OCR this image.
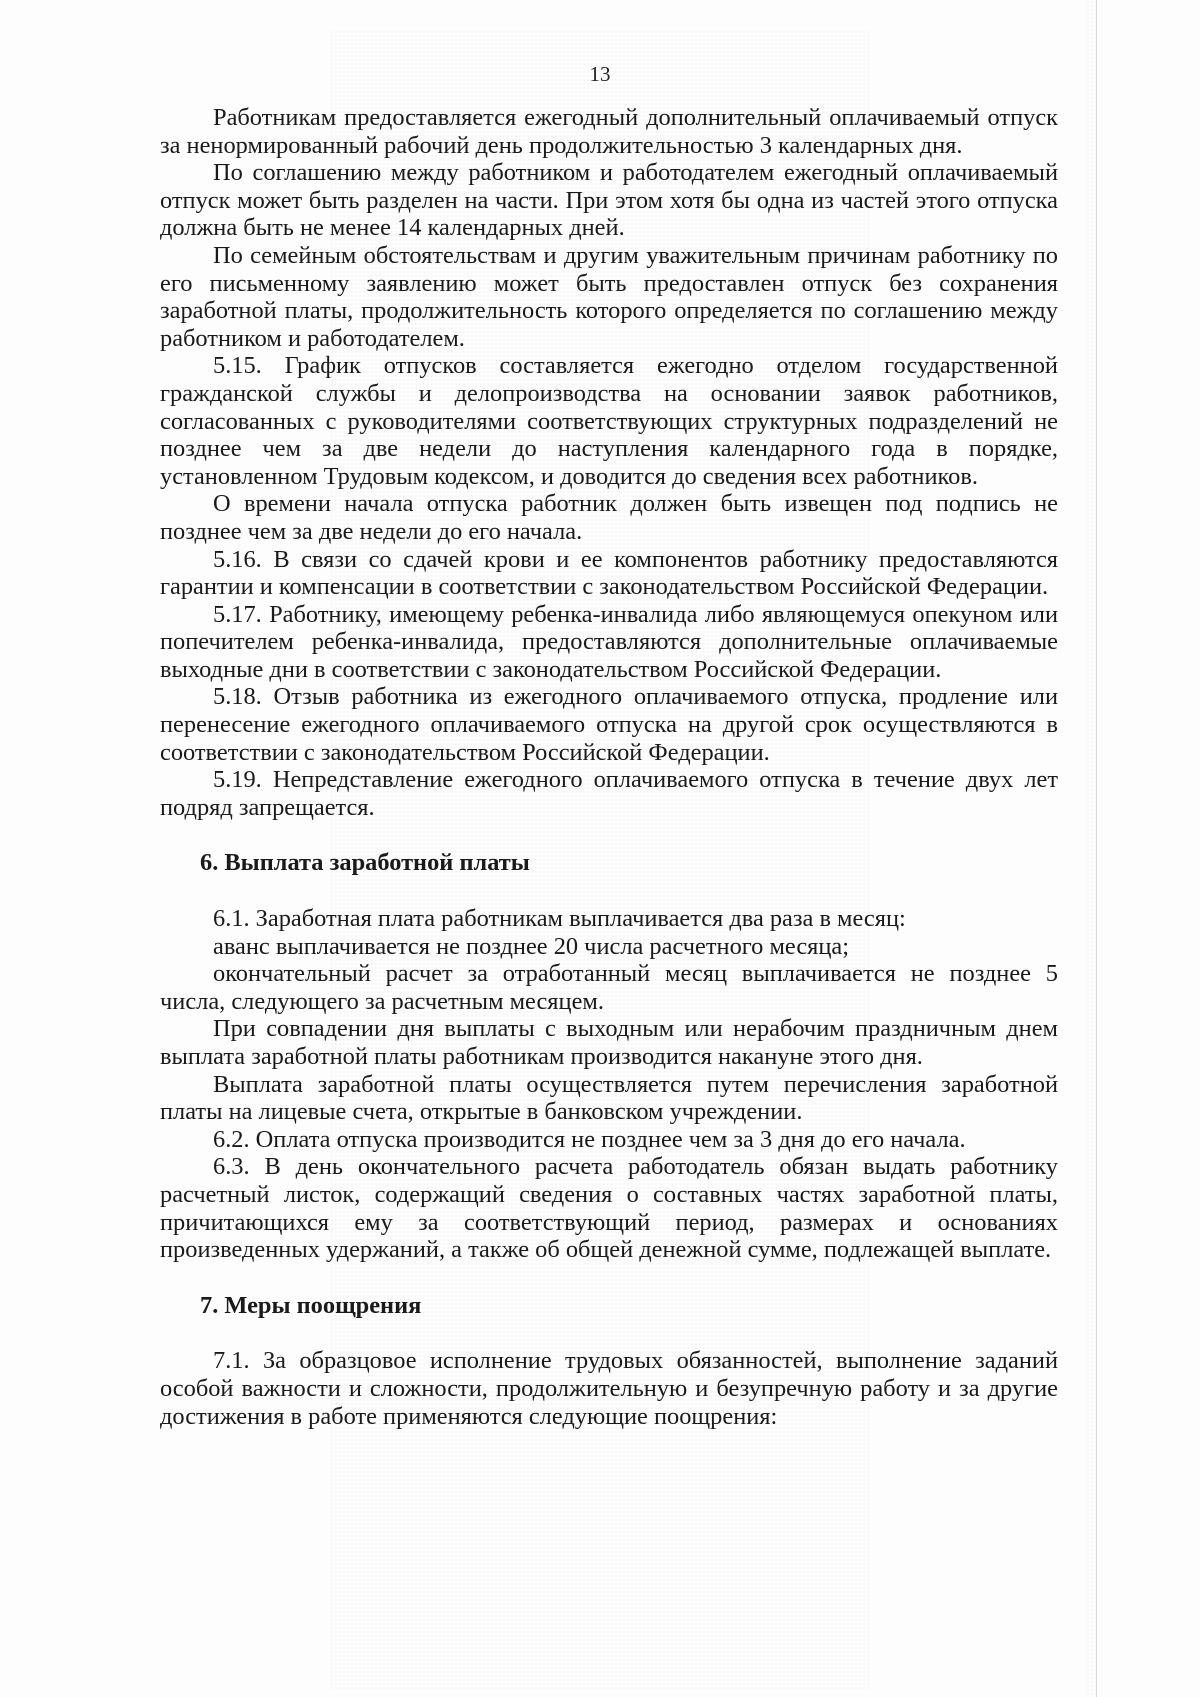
13

Работникам предоставляется ежегодный дополнительный оплачиваемый отпуск за ненормированный рабочий день продолжительностью 3 календарных дня.

По соглашению между работником и работодателем ежегодный оплачиваемый отпуск может быть разделен на части. При этом хотя бы одна из частей этого отпуска должна быть не менее 14 календарных дней.

По семейным обстоятельствам и другим уважительным причинам работнику по его письменному заявлению может быть предоставлен отпуск без сохранения заработной платы, продолжительность которого определяется по соглашению между работником и работодателем.

5.15. График отпусков составляется ежегодно отделом государственной гражданской службы и делопроизводства на основании заявок работников, согласованных с руководителями соответствующих структурных подразделений не позднее чем за две недели до наступления календарного года в порядке, установленном Трудовым кодексом, и доводится до сведения всех работников.

О времени начала отпуска работник должен быть извещен под подпись не позднее чем за две недели до его начала.

5.16. В связи со сдачей крови и ее компонентов работнику предоставляются гарантии и компенсации в соответствии с законодательством Российской Федерации.

5.17. Работнику, имеющему ребенка-инвалида либо являющемуся опекуном или попечителем ребенка-инвалида, предоставляются дополнительные оплачиваемые выходные дни в соответствии с законодательством Российской Федерации.

5.18. Отзыв работника из ежегодного оплачиваемого отпуска, продление или перенесение ежегодного оплачиваемого отпуска на другой срок осуществляются в соответствии с законодательством Российской Федерации.

5.19. Непредставление ежегодного оплачиваемого отпуска в течение двух лет подряд запрещается.

6. Выплата заработной платы

6.1. Заработная плата работникам выплачивается два раза в месяц:

аванс выплачивается не позднее 20 числа расчетного месяца;

окончательный расчет за отработанный месяц выплачивается не позднее 5 числа, следующего за расчетным месяцем.

При совпадении дня выплаты с выходным или нерабочим праздничным днем выплата заработной платы работникам производится накануне этого дня.

Выплата заработной платы осуществляется путем перечисления заработной платы на лицевые счета, открытые в банковском учреждении.

6.2. Оплата отпуска производится не позднее чем за 3 дня до его начала.

6.3. В день окончательного расчета работодатель обязан выдать работнику расчетный листок, содержащий сведения о составных частях заработной платы, причитающихся ему за соответствующий период, размерах и основаниях произведенных удержаний, а также об общей денежной сумме, подлежащей выплате.

7. Меры поощрения

7.1. За образцовое исполнение трудовых обязанностей, выполнение заданий особой важности и сложности, продолжительную и безупречную работу и за другие достижения в работе применяются следующие поощрения:
